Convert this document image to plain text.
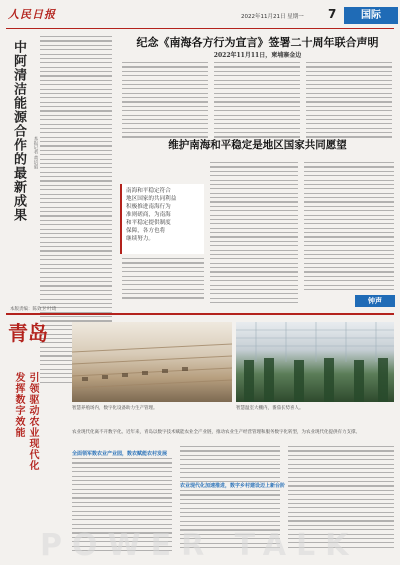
人民日报	2022年11月21日 星期一 7	国际
中阿清洁能源合作的最新成果	本报记者 黄培昭
纪念《南海各方行为宣言》签署二十周年联合声明
2022年11月11日，柬埔寨金边
维护南海和平稳定是地区国家共同愿望
南海和平稳定符合
地区国家的共同利益
积极推进南海行为
准则磋商，为南海
和平稳定提供制度
保障，各方也将
继续努力。
钟声
本版责编：陈效卫 叶琦
青岛
引领驱动农业现代化
发挥数字效能	智慧养殖场内，数字化设备助力生产管理。	智慧温室大棚内，番茄长势喜人。
农业现代化离不开数字化。近年来，青岛以数字技术赋能农业全产业链，推动农业生产经营管理和服务数字化转型，为农业现代化提供有力支撑。
全面领军数农业产业园，数农赋能农村发展
农业现代化加速推进，数字乡村建设迈上新台阶
POWER TALK
